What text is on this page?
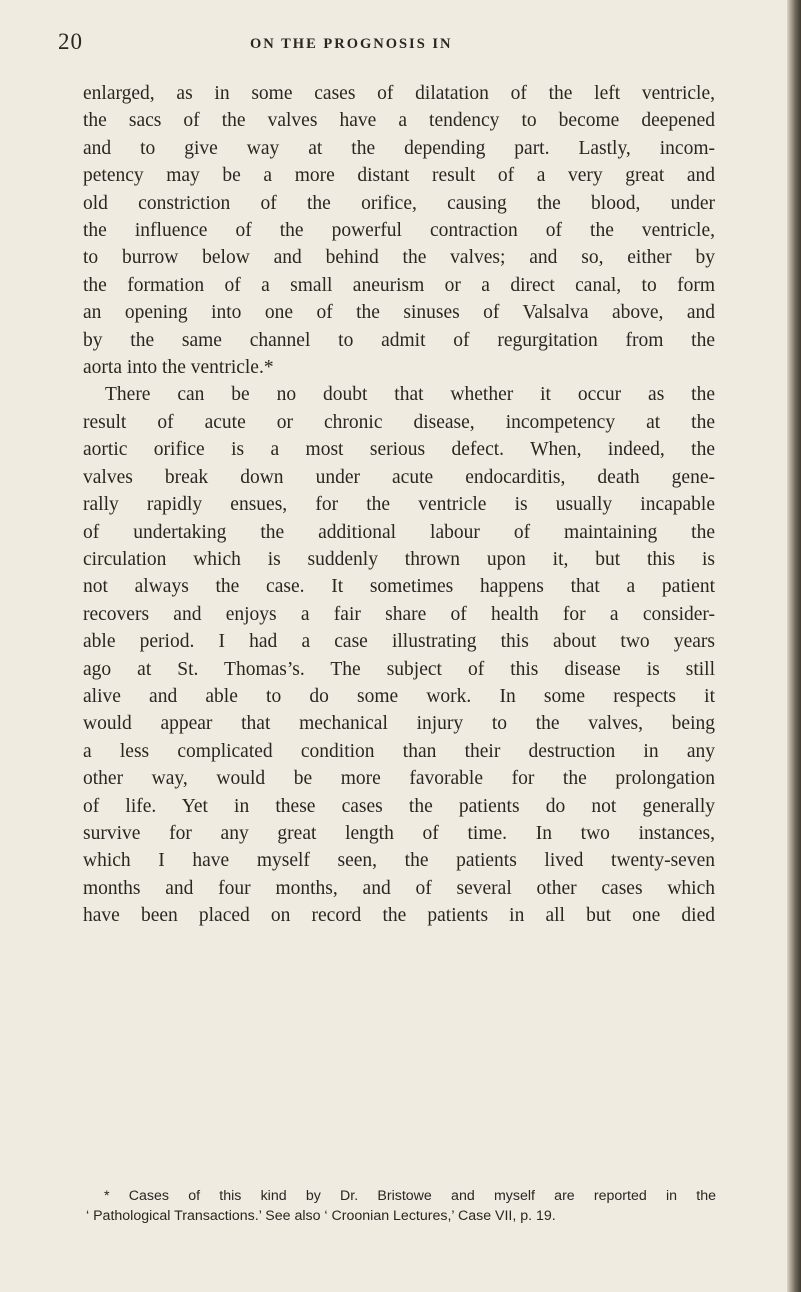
20	ON THE PROGNOSIS IN
enlarged, as in some cases of dilatation of the left ventricle,
the sacs of the valves have a tendency to become deepened
and to give way at the depending part. Lastly, incom-
petency may be a more distant result of a very great and
old constriction of the orifice, causing the blood, under
the influence of the powerful contraction of the ventricle,
to burrow below and behind the valves; and so, either by
the formation of a small aneurism or a direct canal, to form
an opening into one of the sinuses of Valsalva above, and
by the same channel to admit of regurgitation from the
aorta into the ventricle.*
There can be no doubt that whether it occur as the
result of acute or chronic disease, incompetency at the
aortic orifice is a most serious defect. When, indeed, the
valves break down under acute endocarditis, death gene-
rally rapidly ensues, for the ventricle is usually incapable
of undertaking the additional labour of maintaining the
circulation which is suddenly thrown upon it, but this is
not always the case. It sometimes happens that a patient
recovers and enjoys a fair share of health for a consider-
able period. I had a case illustrating this about two years
ago at St. Thomas’s. The subject of this disease is still
alive and able to do some work. In some respects it
would appear that mechanical injury to the valves, being
a less complicated condition than their destruction in any
other way, would be more favorable for the prolongation
of life. Yet in these cases the patients do not generally
survive for any great length of time. In two instances,
which I have myself seen, the patients lived twenty-seven
months and four months, and of several other cases which
have been placed on record the patients in all but one died
* Cases of this kind by Dr. Bristowe and myself are reported in the
‘ Pathological Transactions.’ See also ‘ Croonian Lectures,’ Case VII, p. 19.
